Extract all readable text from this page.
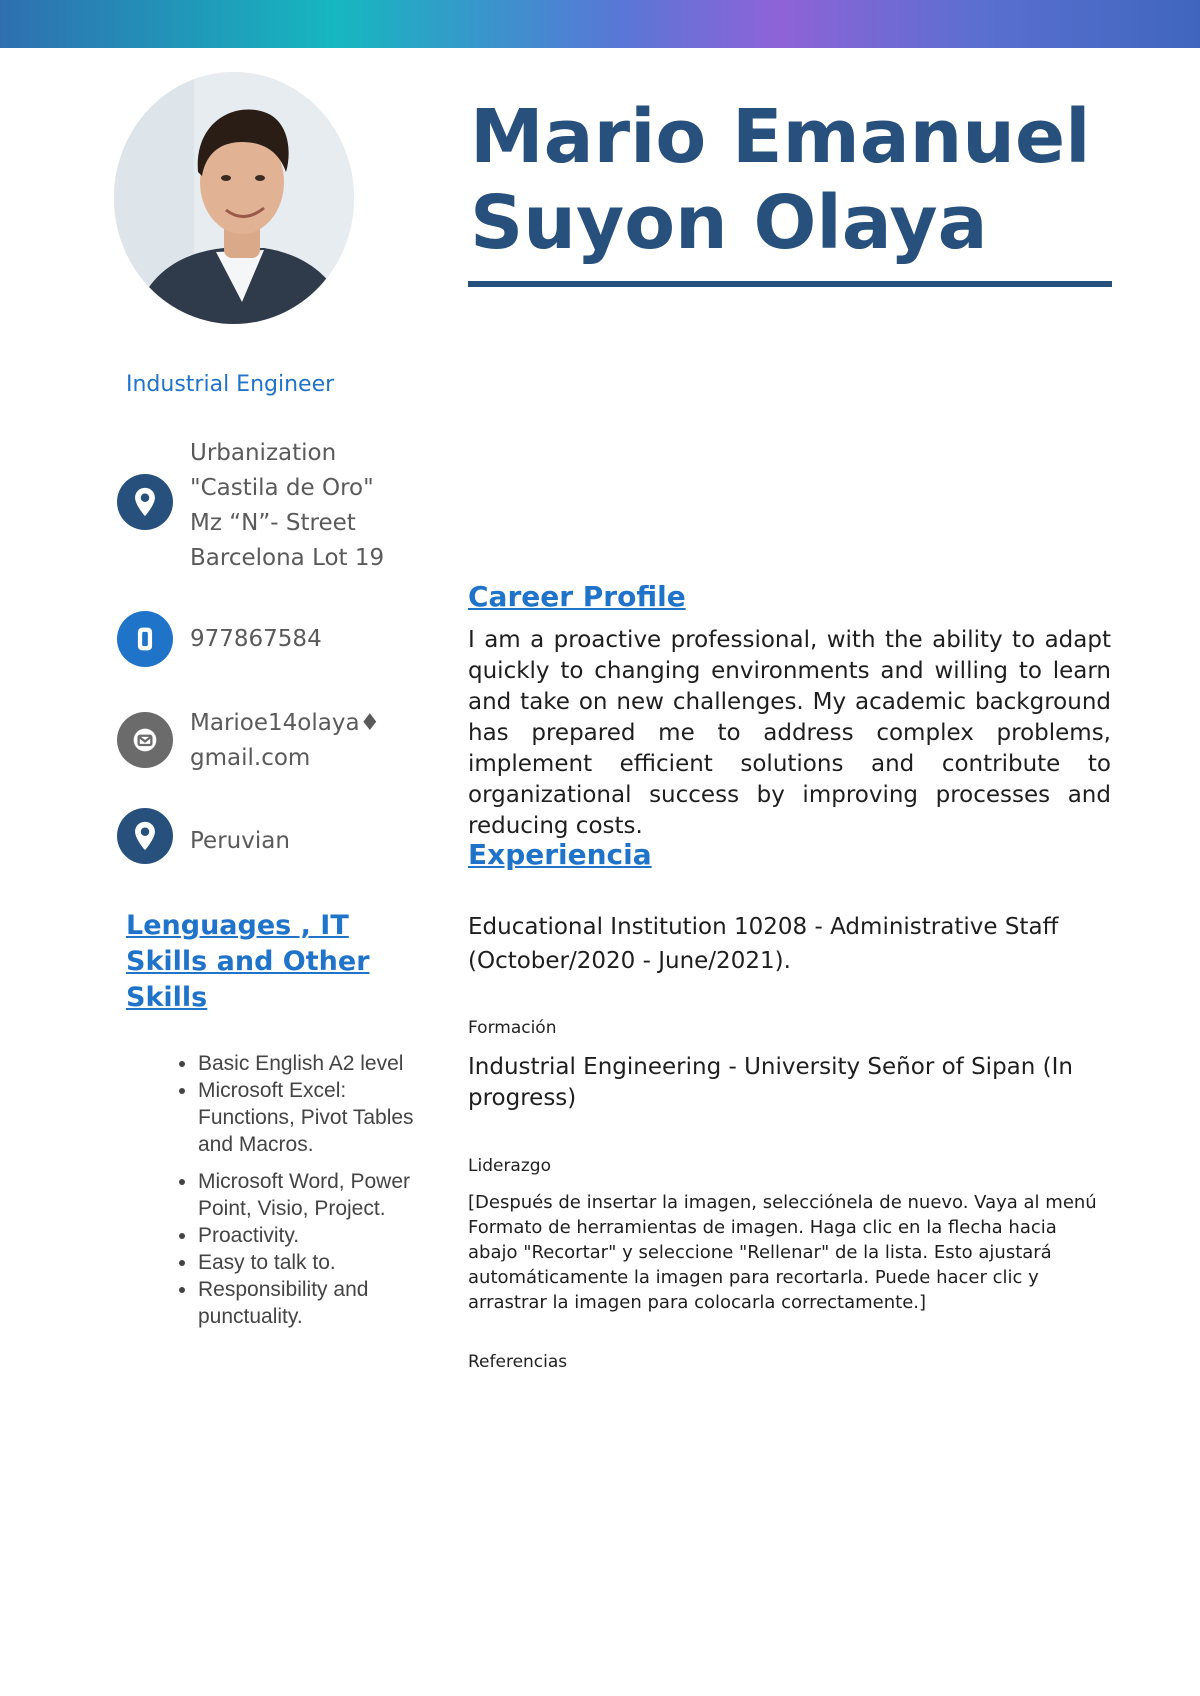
Mario Emanuel
Suyon Olaya
Industrial Engineer
Urbanization
"Castila de Oro"
Mz “N”- Street
Barcelona Lot 19
977867584
Marioe14olaya♦
gmail.com
Peruvian
Lenguages , IT
Skills and Other
Skills
• Basic English A2 level
• Microsoft Excel: Functions, Pivot Tables and Macros.
• Microsoft Word, Power Point, Visio, Project.
• Proactivity.
• Easy to talk to.
• Responsibility and punctuality.
Career Profile

I am a proactive professional, with the ability to adapt quickly to changing environments and willing to learn and take on new challenges. My academic background has prepared me to address complex problems, implement efficient solutions and contribute to organizational success by improving processes and reducing costs.

Experiencia
Educational Institution 10208 - Administrative Staff
(October/2020 - June/2021).
Formación
Industrial Engineering - University Señor of Sipan (In progress)
Liderazgo

[Después de insertar la imagen, selecciónela de nuevo. Vaya al menú Formato de herramientas de imagen. Haga clic en la flecha hacia abajo "Recortar" y seleccione "Rellenar" de la lista. Esto ajustará automáticamente la imagen para recortarla. Puede hacer clic y arrastrar la imagen para colocarla correctamente.]

Referencias
